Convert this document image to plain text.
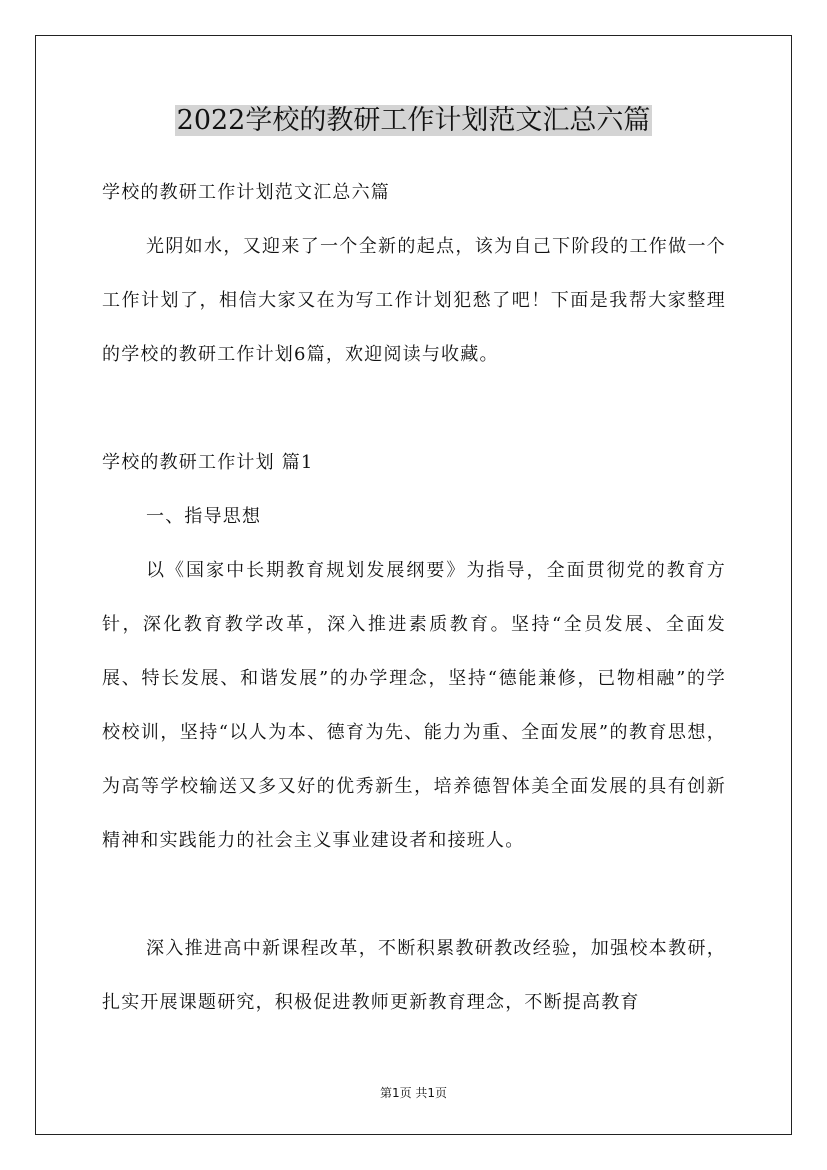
2022学校的教研工作计划范文汇总六篇

学校的教研工作计划范文汇总六篇

光阴如水，又迎来了一个全新的起点，该为自己下阶段的工作做一个工作计划了，相信大家又在为写工作计划犯愁了吧！下面是我帮大家整理的学校的教研工作计划6篇，欢迎阅读与收藏。

学校的教研工作计划 篇1

一、指导思想

以《国家中长期教育规划发展纲要》为指导，全面贯彻党的教育方针，深化教育教学改革，深入推进素质教育。坚持“全员发展、全面发展、特长发展、和谐发展”的办学理念，坚持“德能兼修，已物相融”的学校校训，坚持“以人为本、德育为先、能力为重、全面发展”的教育思想，为高等学校输送又多又好的优秀新生，培养德智体美全面发展的具有创新精神和实践能力的社会主义事业建设者和接班人。

深入推进高中新课程改革，不断积累教研教改经验，加强校本教研，扎实开展课题研究，积极促进教师更新教育理念，不断提高教育

第1页 共1页
